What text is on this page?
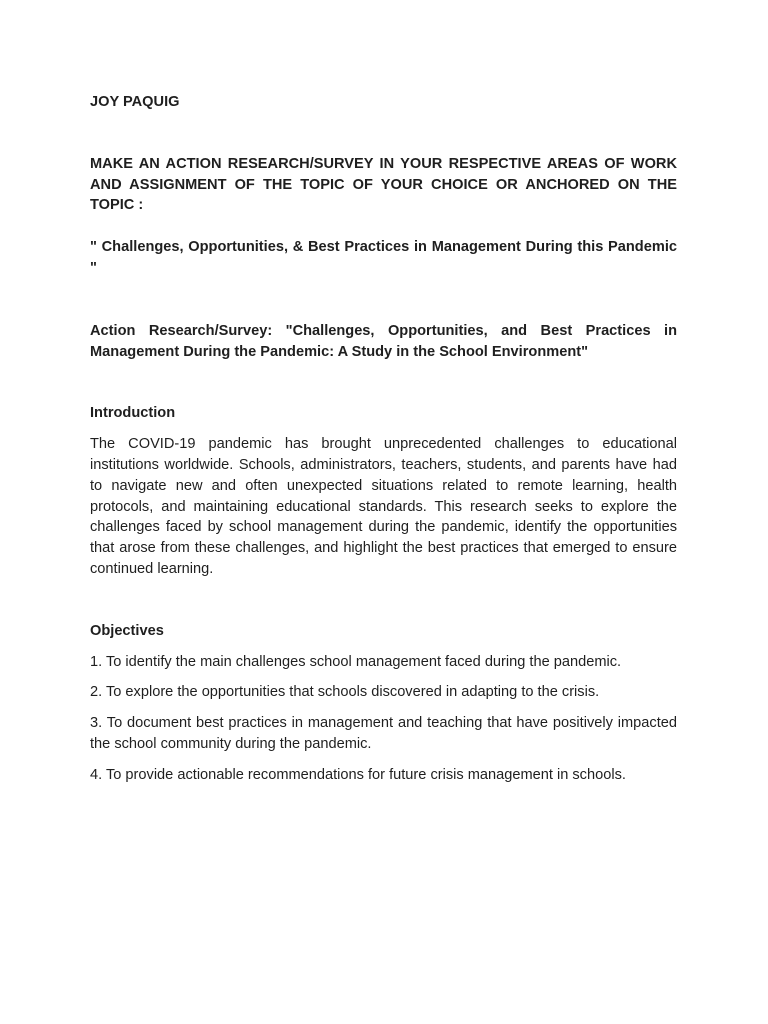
JOY PAQUIG

MAKE AN ACTION RESEARCH/SURVEY IN YOUR RESPECTIVE AREAS OF WORK AND ASSIGNMENT OF THE TOPIC OF YOUR CHOICE OR ANCHORED ON THE TOPIC :

" Challenges, Opportunities, & Best Practices in Management During this Pandemic "

Action Research/Survey: "Challenges, Opportunities, and Best Practices in Management During the Pandemic: A Study in the School Environment"

Introduction

The COVID-19 pandemic has brought unprecedented challenges to educational institutions worldwide. Schools, administrators, teachers, students, and parents have had to navigate new and often unexpected situations related to remote learning, health protocols, and maintaining educational standards. This research seeks to explore the challenges faced by school management during the pandemic, identify the opportunities that arose from these challenges, and highlight the best practices that emerged to ensure continued learning.

Objectives

1. To identify the main challenges school management faced during the pandemic.

2. To explore the opportunities that schools discovered in adapting to the crisis.

3. To document best practices in management and teaching that have positively impacted the school community during the pandemic.

4. To provide actionable recommendations for future crisis management in schools.
